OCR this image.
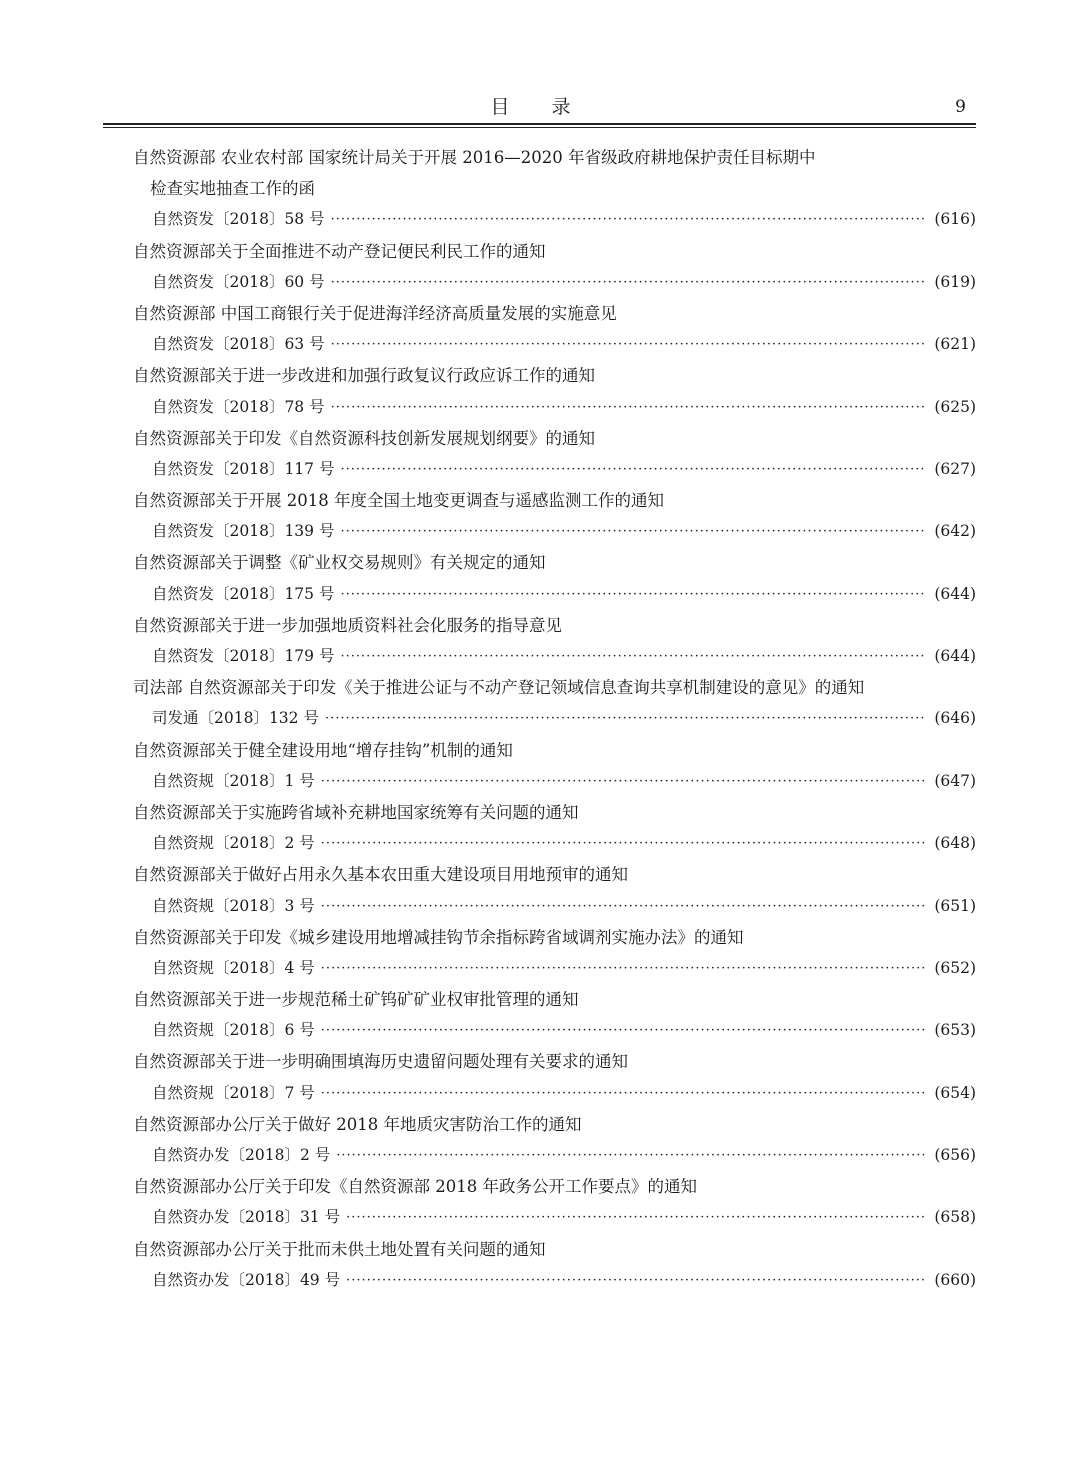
目 录	9
自然资源部 农业农村部 国家统计局关于开展 2016—2020 年省级政府耕地保护责任目标期中
检查实地抽查工作的函
自然资发〔2018〕58 号 ·····	(616)
自然资源部关于全面推进不动产登记便民利民工作的通知
自然资发〔2018〕60 号 ·····	(619)
自然资源部 中国工商银行关于促进海洋经济高质量发展的实施意见
自然资发〔2018〕63 号 ·····	(621)
自然资源部关于进一步改进和加强行政复议行政应诉工作的通知
自然资发〔2018〕78 号 ·····	(625)
自然资源部关于印发《自然资源科技创新发展规划纲要》的通知
自然资发〔2018〕117 号 ·····	(627)
自然资源部关于开展 2018 年度全国土地变更调查与遥感监测工作的通知
自然资发〔2018〕139 号 ·····	(642)
自然资源部关于调整《矿业权交易规则》有关规定的通知
自然资发〔2018〕175 号 ·····	(644)
自然资源部关于进一步加强地质资料社会化服务的指导意见
自然资发〔2018〕179 号 ·····	(644)
司法部 自然资源部关于印发《关于推进公证与不动产登记领域信息查询共享机制建设的意见》的通知
司发通〔2018〕132 号 ·····	(646)
自然资源部关于健全建设用地“增存挂钩”机制的通知
自然资规〔2018〕1 号 ·····	(647)
自然资源部关于实施跨省域补充耕地国家统筹有关问题的通知
自然资规〔2018〕2 号 ·····	(648)
自然资源部关于做好占用永久基本农田重大建设项目用地预审的通知
自然资规〔2018〕3 号 ·····	(651)
自然资源部关于印发《城乡建设用地增减挂钩节余指标跨省域调剂实施办法》的通知
自然资规〔2018〕4 号 ·····	(652)
自然资源部关于进一步规范稀土矿钨矿矿业权审批管理的通知
自然资规〔2018〕6 号 ·····	(653)
自然资源部关于进一步明确围填海历史遗留问题处理有关要求的通知
自然资规〔2018〕7 号 ·····	(654)
自然资源部办公厅关于做好 2018 年地质灾害防治工作的通知
自然资办发〔2018〕2 号 ·····	(656)
自然资源部办公厅关于印发《自然资源部 2018 年政务公开工作要点》的通知
自然资办发〔2018〕31 号 ·····	(658)
自然资源部办公厅关于批而未供土地处置有关问题的通知
自然资办发〔2018〕49 号 ·····	(660)
